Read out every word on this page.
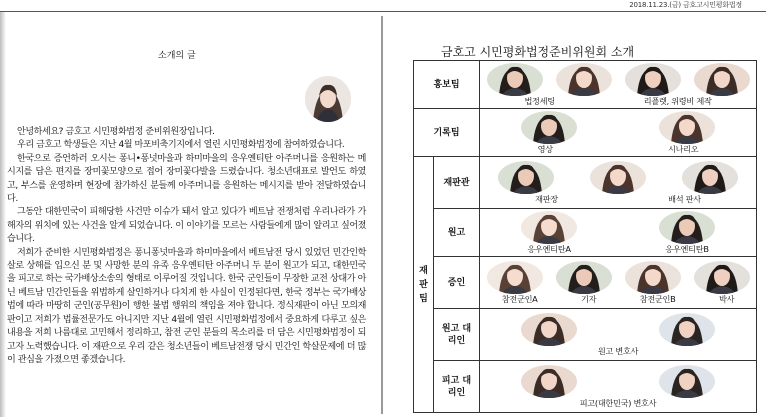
2018.11.23.(금) 금호고시민평화법정
소개의 글

안녕하세요? 금호고 시민평화법정 준비위원장입니다.

우리 금호고 학생들은 지난 4월 마포비축기지에서 열린 시민평화법정에 참여하였습니다.

한국으로 증언하러 오시는 퐁니•퐁넛마을과 하미마을의 응우옌티탄 아주머니를 응원하는 메시지를 담은 편지를 장미꽃모양으로 접어 장미꽃다발을 드렸습니다. 청소년대표로 발언도 하였고, 부스를 운영하며 현장에 참가하신 분들께 아주머니를 응원하는 메시지를 받아 전달하였습니다.

그동안 대한민국이 피해당한 사건만 이슈가 돼서 알고 있다가 베트남 전쟁처럼 우리나라가 가해자의 위치에 있는 사건을 알게 되었습니다. 이 이야기를 모르는 사람들에게 많이 알리고 싶어졌습니다.

저희가 준비한 시민평화법정은 퐁니퐁넛마을과 하미마을에서 베트남전 당시 있었던 민간인학살로 상해를 입으신 분 및 사망한 분의 유족 응우옌티탄 아주머니 두 분이 원고가 되고, 대한민국을 피고로 하는 국가배상소송의 형태로 이루어질 것입니다. 한국 군인들이 무장한 교전 상대가 아닌 베트남 민간인들을 위법하게 살인하거나 다치게 한 사실이 인정된다면, 한국 정부는 국가배상법에 따라 마땅히 군인(공무원)이 행한 불법 행위의 책임을 져야 합니다. 정식재판이 아닌 모의재판이고 저희가 법률전문가도 아니지만 지난 4월에 열린 시민평화법정에서 중요하게 다루고 싶은 내용을 저희 나름대로 고민해서 정리하고, 참전 군인 분들의 목소리를 더 담은 시민평화법정이 되고자 노력했습니다. 이 재판으로 우리 같은 청소년들이 베트남전쟁 당시 민간인 학살문제에 더 많이 관심을 가졌으면 좋겠습니다.

금호고 시민평화법정준비위원회 소개
홍보팀		법정세팅 리플렛, 위령비 제작

기록팀		영상 시나리오

재판팀	재판관	재판장 배석 판사

	원고	응우옌티탄A 응우옌티탄B

	증인	참전군인A 기자 참전군인B 박사

	원고 대리인	원고 변호사

	피고 대리인	피고(대한민국) 변호사
